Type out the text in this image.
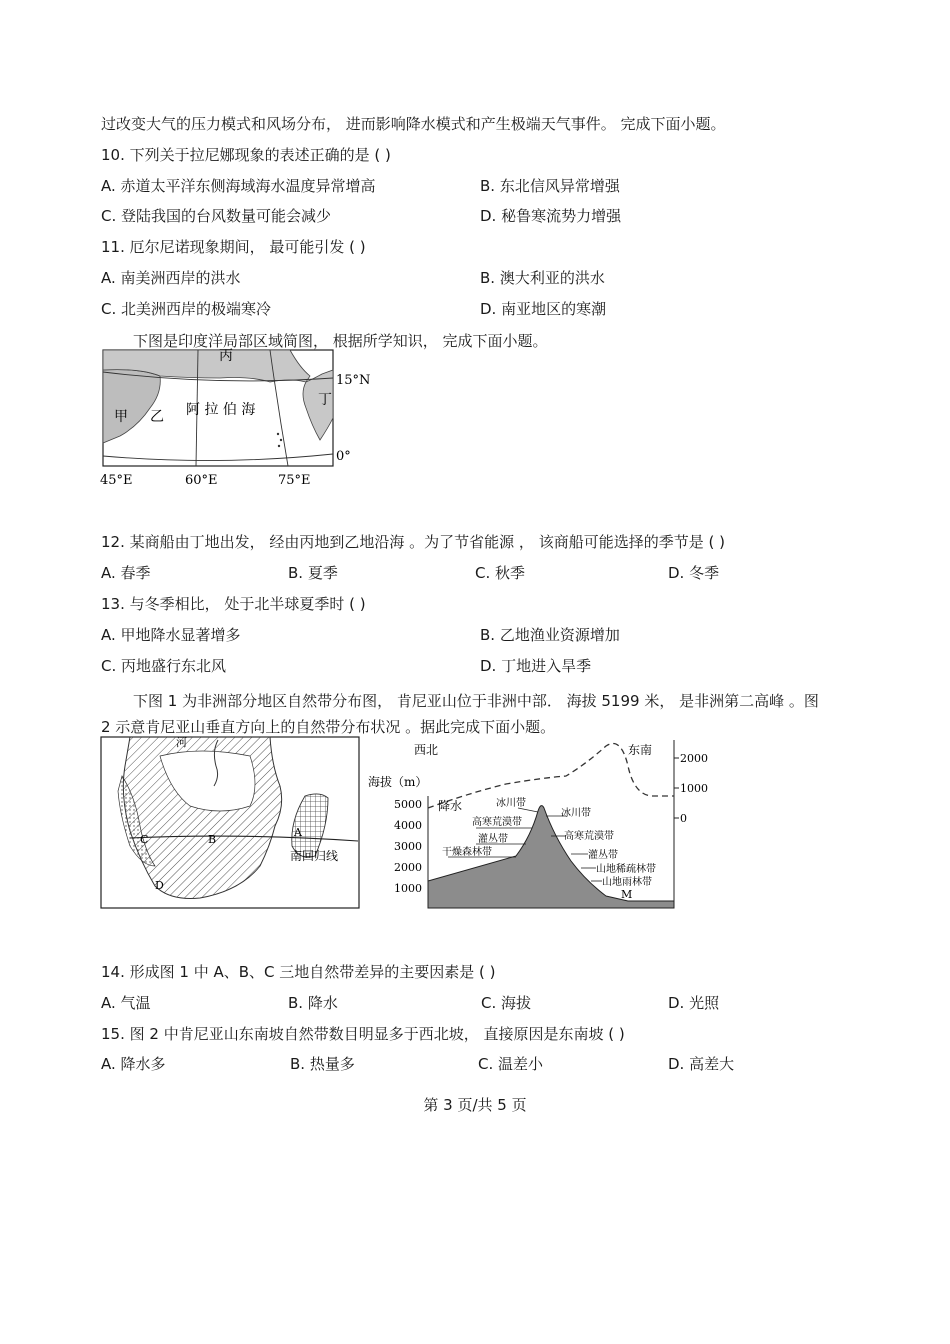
过改变大气的压力模式和风场分布， 进而影响降水模式和产生极端天气事件。 完成下面小题。
10. 下列关于拉尼娜现象的表述正确的是 ( )
A. 赤道太平洋东侧海域海水温度异常增高	B. 东北信风异常增强
C. 登陆我国的台风数量可能会减少	D. 秘鲁寒流势力增强
11. 厄尔尼诺现象期间， 最可能引发 ( )
A. 南美洲西岸的洪水	B. 澳大利亚的洪水
C. 北美洲西岸的极端寒冷	D. 南亚地区的寒潮
下图是印度洋局部区域简图， 根据所学知识， 完成下面小题。
丙
15°N
丁
甲 乙 阿 拉 伯 海
0°
45°E	60°E	75°E
12. 某商船由丁地出发， 经由丙地到乙地沿海 。为了节省能源 ， 该商船可能选择的季节是 ( )
A. 春季	B. 夏季	C. 秋季	D. 冬季
13. 与冬季相比， 处于北半球夏季时 ( )
A. 甲地降水显著增多	B. 乙地渔业资源增加
C. 丙地盛行东北风	D. 丁地进入旱季
下图 1 为非洲部分地区自然带分布图， 肯尼亚山位于非洲中部． 海拔 5199 米， 是非洲第二高峰 。图
2 示意肯尼亚山垂直方向上的自然带分布状况 。据此完成下面小题。
河
C	B
A
D
南回归线
西北	东南
海拔（m）
5000
4000
3000
2000
1000
2000
1000
0
降水	冰川带
冰川带
高寒荒漠带
高寒荒漠带
灌丛带
灌丛带
干燥森林带
山地稀疏林带
山地雨林带
M
14. 形成图 1 中 A、B、C 三地自然带差异的主要因素是 ( )
A. 气温	B. 降水	C. 海拔	D. 光照
15. 图 2 中肯尼亚山东南坡自然带数目明显多于西北坡， 直接原因是东南坡 ( )
A. 降水多	B. 热量多	C. 温差小	D. 高差大
第 3 页/共 5 页
